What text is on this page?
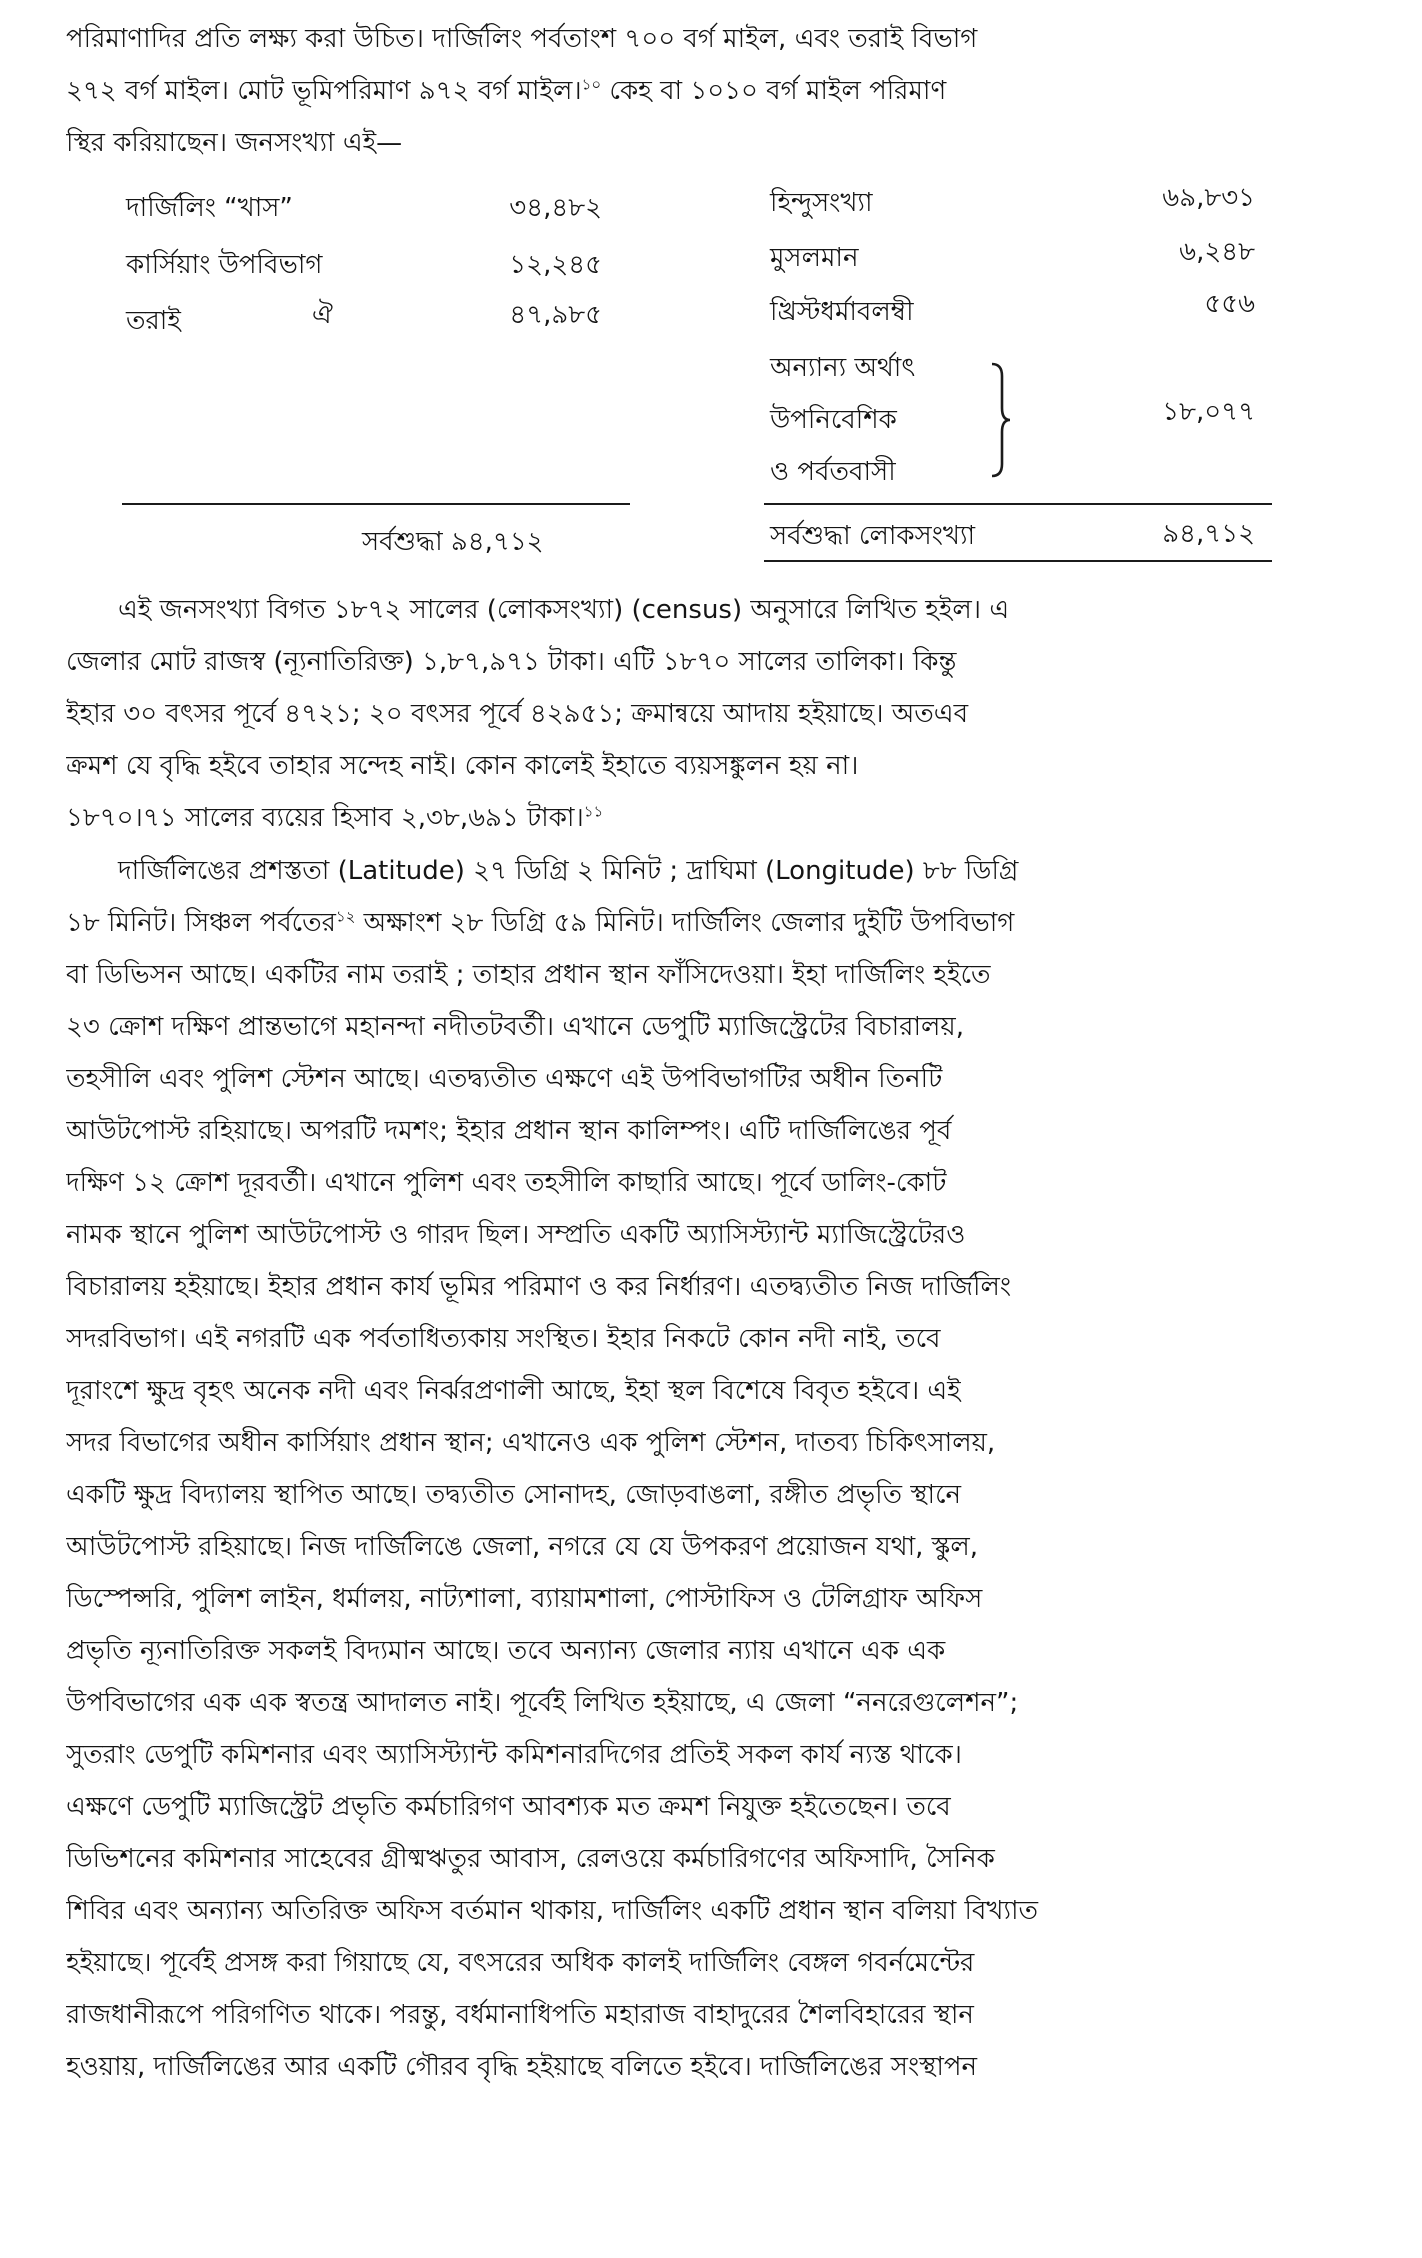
পরিমাণাদির প্রতি লক্ষ্য করা উচিত। দার্জিলিং পর্বতাংশ ৭০০ বর্গ মাইল, এবং তরাই বিভাগ

২৭২ বর্গ মাইল। মোট ভূমিপরিমাণ ৯৭২ বর্গ মাইল।$^{১০}$ কেহ বা ১০১০ বর্গ মাইল পরিমাণ

স্থির করিয়াছেন। জনসংখ্যা এই—

দার্জিলিং “খাস”	৩৪,৪৮২
কার্সিয়াং উপবিভাগ	১২,২৪৫
তরাই	ঐ	৪৭,৯৮৫
হিন্দুসংখ্যা	৬৯,৮৩১
মুসলমান	৬,২৪৮
খ্রিস্টধর্মাবলম্বী	৫৫৬
অন্যান্য অর্থাৎ
উপনিবেশিক
ও পর্বতবাসী
১৮,০৭৭
সর্বশুদ্ধা ৯৪,৭১২	সর্বশুদ্ধা লোকসংখ্যা	৯৪,৭১২

এই জনসংখ্যা বিগত ১৮৭২ সালের (লোকসংখ্যা) (census) অনুসারে লিখিত হইল। এ

জেলার মোট রাজস্ব (ন্যূনাতিরিক্ত) ১,৮৭,৯৭১ টাকা। এটি ১৮৭০ সালের তালিকা। কিন্তু

ইহার ৩০ বৎসর পূর্বে ৪৭২১; ২০ বৎসর পূর্বে ৪২৯৫১; ক্রমান্বয়ে আদায় হইয়াছে। অতএব

ক্রমশ যে বৃদ্ধি হইবে তাহার সন্দেহ নাই। কোন কালেই ইহাতে ব্যয়সঙ্কুলন হয় না।

১৮৭০।৭১ সালের ব্যয়ের হিসাব ২,৩৮,৬৯১ টাকা।$^{১১}$

দার্জিলিঙের প্রশস্ততা (Latitude) ২৭ ডিগ্রি ২ মিনিট ; দ্রাঘিমা (Longitude) ৮৮ ডিগ্রি

১৮ মিনিট। সিঞ্চল পর্বতের$^{১২}$ অক্ষাংশ ২৮ ডিগ্রি ৫৯ মিনিট। দার্জিলিং জেলার দুইটি উপবিভাগ

বা ডিভিসন আছে। একটির নাম তরাই ; তাহার প্রধান স্থান ফাঁসিদেওয়া। ইহা দার্জিলিং হইতে

২৩ ক্রোশ দক্ষিণ প্রান্তভাগে মহানন্দা নদীতটবর্তী। এখানে ডেপুটি ম্যাজিস্ট্রেটের বিচারালয়,

তহসীলি এবং পুলিশ স্টেশন আছে। এতদ্ব্যতীত এক্ষণে এই উপবিভাগটির অধীন তিনটি

আউটপোস্ট রহিয়াছে। অপরটি দমশং; ইহার প্রধান স্থান কালিম্পং। এটি দার্জিলিঙের পূর্ব

দক্ষিণ ১২ ক্রোশ দূরবর্তী। এখানে পুলিশ এবং তহসীলি কাছারি আছে। পূর্বে ডালিং-কোট

নামক স্থানে পুলিশ আউটপোস্ট ও গারদ ছিল। সম্প্রতি একটি অ্যাসিস্ট্যান্ট ম্যাজিস্ট্রেটেরও

বিচারালয় হইয়াছে। ইহার প্রধান কার্য ভূমির পরিমাণ ও কর নির্ধারণ। এতদ্ব্যতীত নিজ দার্জিলিং

সদরবিভাগ। এই নগরটি এক পর্বতাধিত্যকায় সংস্থিত। ইহার নিকটে কোন নদী নাই, তবে

দূরাংশে ক্ষুদ্র বৃহৎ অনেক নদী এবং নির্ঝরপ্রণালী আছে, ইহা স্থল বিশেষে বিবৃত হইবে। এই

সদর বিভাগের অধীন কার্সিয়াং প্রধান স্থান; এখানেও এক পুলিশ স্টেশন, দাতব্য চিকিৎসালয়,

একটি ক্ষুদ্র বিদ্যালয় স্থাপিত আছে। তদ্ব্যতীত সোনাদহ, জোড়বাঙলা, রঙ্গীত প্রভৃতি স্থানে

আউটপোস্ট রহিয়াছে। নিজ দার্জিলিঙে জেলা, নগরে যে যে উপকরণ প্রয়োজন যথা, স্কুল,

ডিস্পেন্সরি, পুলিশ লাইন, ধর্মালয়, নাট্যশালা, ব্যায়ামশালা, পোস্টাফিস ও টেলিগ্রাফ অফিস

প্রভৃতি ন্যূনাতিরিক্ত সকলই বিদ্যমান আছে। তবে অন্যান্য জেলার ন্যায় এখানে এক এক

উপবিভাগের এক এক স্বতন্ত্র আদালত নাই। পূর্বেই লিখিত হইয়াছে, এ জেলা “ননরেগুলেশন”;

সুতরাং ডেপুটি কমিশনার এবং অ্যাসিস্ট্যান্ট কমিশনারদিগের প্রতিই সকল কার্য ন্যস্ত থাকে।

এক্ষণে ডেপুটি ম্যাজিস্ট্রেট প্রভৃতি কর্মচারিগণ আবশ্যক মত ক্রমশ নিযুক্ত হইতেছেন। তবে

ডিভিশনের কমিশনার সাহেবের গ্রীষ্মঋতুর আবাস, রেলওয়ে কর্মচারিগণের অফিসাদি, সৈনিক

শিবির এবং অন্যান্য অতিরিক্ত অফিস বর্তমান থাকায়, দার্জিলিং একটি প্রধান স্থান বলিয়া বিখ্যাত

হইয়াছে। পূর্বেই প্রসঙ্গ করা গিয়াছে যে, বৎসরের অধিক কালই দার্জিলিং বেঙ্গল গবর্নমেন্টের

রাজধানীরূপে পরিগণিত থাকে। পরন্তু, বর্ধমানাধিপতি মহারাজ বাহাদুরের শৈলবিহারের স্থান

হওয়ায়, দার্জিলিঙের আর একটি গৌরব বৃদ্ধি হইয়াছে বলিতে হইবে। দার্জিলিঙের সংস্থাপন
